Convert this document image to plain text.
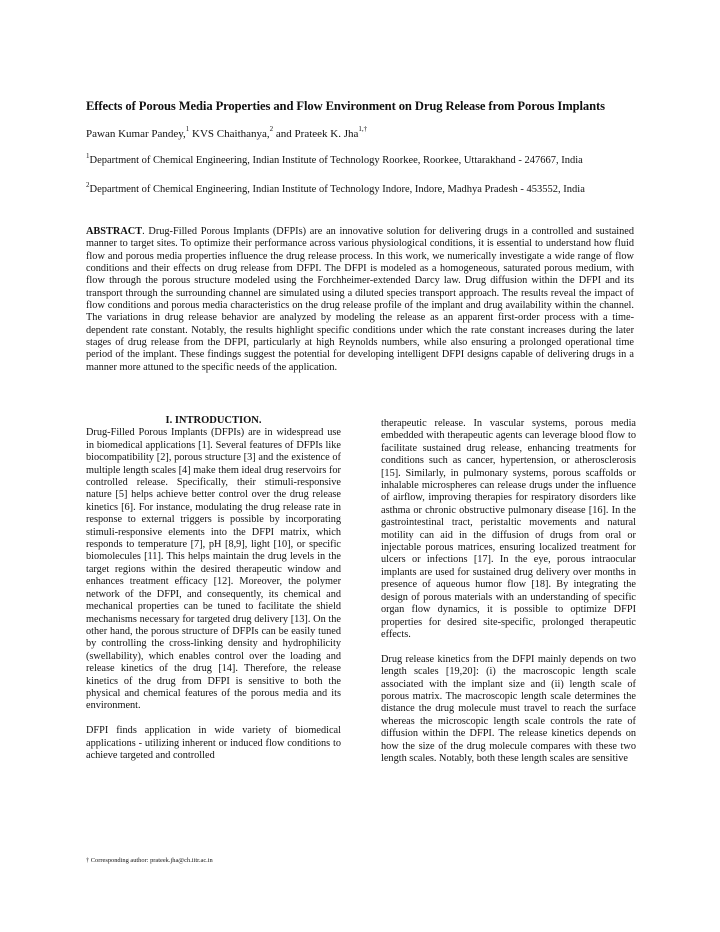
Effects of Porous Media Properties and Flow Environment on Drug Release from Porous Implants
Pawan Kumar Pandey,$^1$ KVS Chaithanya,$^2$ and Prateek K. Jha$^{1,\dagger}$
$^1$Department of Chemical Engineering, Indian Institute of Technology Roorkee, Roorkee, Uttarakhand - 247667, India
$^2$Department of Chemical Engineering, Indian Institute of Technology Indore, Indore, Madhya Pradesh - 453552, India
ABSTRACT. Drug-Filled Porous Implants (DFPIs) are an innovative solution for delivering drugs in a controlled and sustained manner to target sites. To optimize their performance across various physiological conditions, it is essential to understand how fluid flow and porous media properties influence the drug release process. In this work, we numerically investigate a wide range of flow conditions and their effects on drug release from DFPI. The DFPI is modeled as a homogeneous, saturated porous medium, with flow through the porous structure modeled using the Forchheimer-extended Darcy law. Drug diffusion within the DFPI and its transport through the surrounding channel are simulated using a diluted species transport approach. The results reveal the impact of flow conditions and porous media characteristics on the drug release profile of the implant and drug availability within the channel. The variations in drug release behavior are analyzed by modeling the release as an apparent first-order process with a time-dependent rate constant. Notably, the results highlight specific conditions under which the rate constant increases during the later stages of drug release from the DFPI, particularly at high Reynolds numbers, while also ensuring a prolonged operational time period of the implant. These findings suggest the potential for developing intelligent DFPI designs capable of delivering drugs in a manner more attuned to the specific needs of the application.
I. INTRODUCTION.

Drug-Filled Porous Implants (DFPIs) are in widespread use in biomedical applications [1]. Several features of DFPIs like biocompatibility [2], porous structure [3] and the existence of multiple length scales [4] make them ideal drug reservoirs for controlled release. Specifically, their stimuli-responsive nature [5] helps achieve better control over the drug release kinetics [6]. For instance, modulating the drug release rate in response to external triggers is possible by incorporating stimuli-responsive elements into the DFPI matrix, which responds to temperature [7], pH [8,9], light [10], or specific biomolecules [11]. This helps maintain the drug levels in the target regions within the desired therapeutic window and enhances treatment efficacy [12]. Moreover, the polymer network of the DFPI, and consequently, its chemical and mechanical properties can be tuned to facilitate the shield mechanisms necessary for targeted drug delivery [13]. On the other hand, the porous structure of DFPIs can be easily tuned by controlling the cross-linking density and hydrophilicity (swellability), which enables control over the loading and release kinetics of the drug [14]. Therefore, the release kinetics of the drug from DFPI is sensitive to both the physical and chemical features of the porous media and its environment.

DFPI finds application in wide variety of biomedical applications - utilizing inherent or induced flow conditions to achieve targeted and controlled

therapeutic release. In vascular systems, porous media embedded with therapeutic agents can leverage blood flow to facilitate sustained drug release, enhancing treatments for conditions such as cancer, hypertension, or atherosclerosis [15]. Similarly, in pulmonary systems, porous scaffolds or inhalable microspheres can release drugs under the influence of airflow, improving therapies for respiratory disorders like asthma or chronic obstructive pulmonary disease [16]. In the gastrointestinal tract, peristaltic movements and natural motility can aid in the diffusion of drugs from oral or injectable porous matrices, ensuring localized treatment for ulcers or infections [17]. In the eye, porous intraocular implants are used for sustained drug delivery over months in presence of aqueous humor flow [18]. By integrating the design of porous materials with an understanding of specific organ flow dynamics, it is possible to optimize DFPI properties for desired site-specific, prolonged therapeutic effects.

Drug release kinetics from the DFPI mainly depends on two length scales [19,20]: (i) the macroscopic length scale associated with the implant size and (ii) length scale of porous matrix. The macroscopic length scale determines the distance the drug molecule must travel to reach the surface whereas the microscopic length scale controls the rate of diffusion within the DFPI. The release kinetics depends on how the size of the drug molecule compares with these two length scales. Notably, both these length scales are sensitive

† Corresponding author: prateek.jha@ch.iitr.ac.in
